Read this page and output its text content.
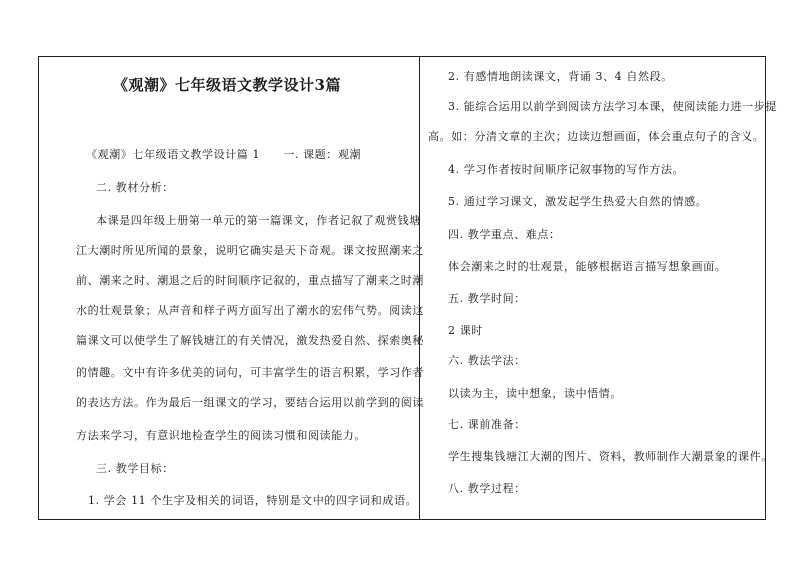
《观潮》七年级语文教学设计3篇
《观潮》七年级语文教学设计篇 1　　一. 课题：观潮
二. 教材分析：
本课是四年级上册第一单元的第一篇课文，作者记叙了观赏钱塘
江大潮时所见所闻的景象，说明它确实是天下奇观。课文按照潮来之
前、潮来之时、潮退之后的时间顺序记叙的，重点描写了潮来之时潮
水的壮观景象；从声音和样子两方面写出了潮水的宏伟气势。阅读这
篇课文可以使学生了解钱塘江的有关情况，激发热爱自然、探索奥秘
的情趣。文中有许多优美的词句，可丰富学生的语言积累，学习作者
的表达方法。作为最后一组课文的学习，要结合运用以前学到的阅读
方法来学习，有意识地检查学生的阅读习惯和阅读能力。
三. 教学目标：
1. 学会 11 个生字及相关的词语，特别是文中的四字词和成语。
2. 有感情地朗读课文，背诵 3、4 自然段。
3. 能综合运用以前学到阅读方法学习本课，使阅读能力进一步提
高。如：分清文章的主次；边读边想画面，体会重点句子的含义。
4. 学习作者按时间顺序记叙事物的写作方法。
5. 通过学习课文，激发起学生热爱大自然的情感。
四. 教学重点、难点：
体会潮来之时的壮观景，能够根据语言描写想象画面。
五. 教学时间：
2 课时
六. 教法学法：
以读为主，读中想象，读中悟情。
七. 课前准备：
学生搜集钱塘江大潮的图片、资料，教师制作大潮景象的课件。
八. 教学过程：
